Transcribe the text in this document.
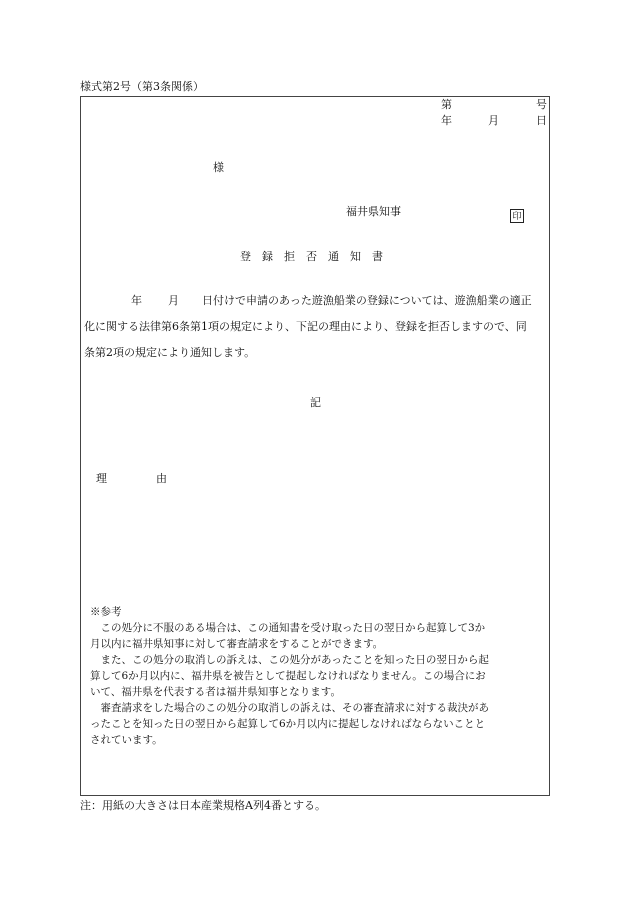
様式第2号（第3条関係）
第	号
年	月	日
様
福井県知事	印
登　録　拒　否　通　知　書
年 月 日付けで申請のあった遊漁船業の登録については、遊漁船業の適正
化に関する法律第6条第1項の規定により、下記の理由により、登録を拒否しますので、同
条第2項の規定により通知します。
記
理	由
※参考
　この処分に不服のある場合は、この通知書を受け取った日の翌日から起算して3か
月以内に福井県知事に対して審査請求をすることができます。
　また、この処分の取消しの訴えは、この処分があったことを知った日の翌日から起
算して6か月以内に、福井県を被告として提起しなければなりません。この場合にお
いて、福井県を代表する者は福井県知事となります。
　審査請求をした場合のこの処分の取消しの訴えは、その審査請求に対する裁決があ
ったことを知った日の翌日から起算して6か月以内に提起しなければならないことと
されています。
注：用紙の大きさは日本産業規格A列4番とする。
